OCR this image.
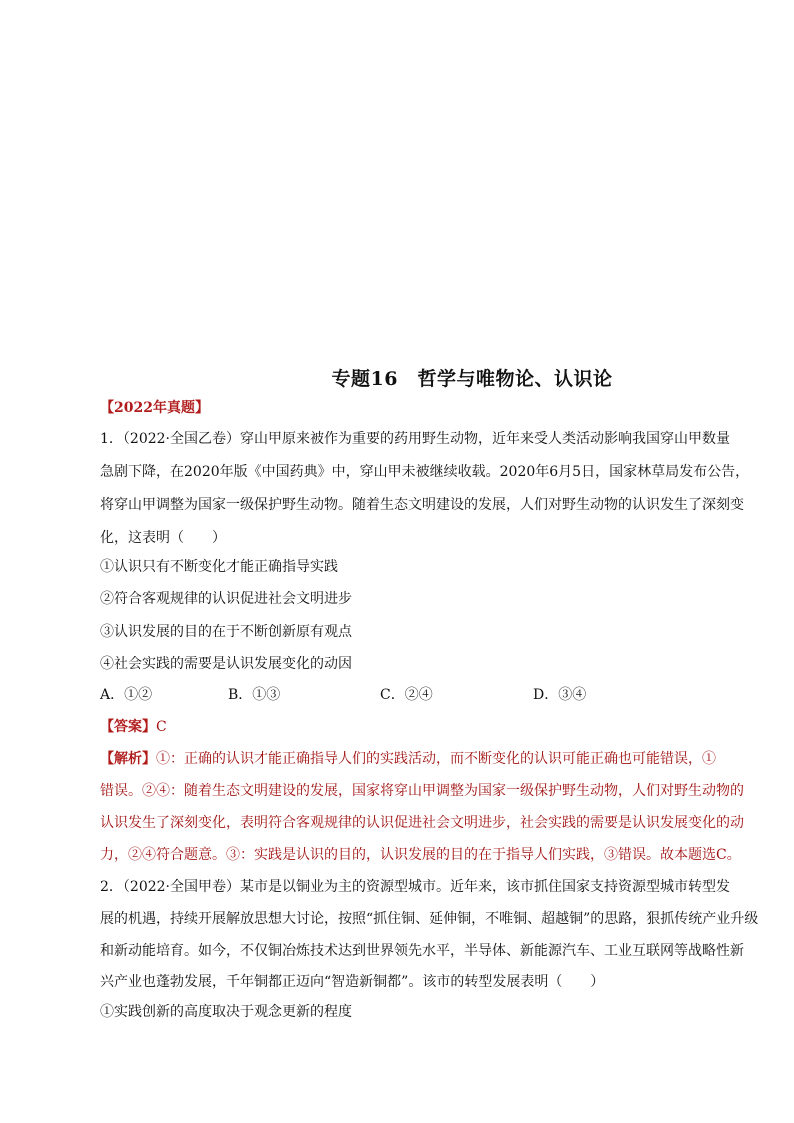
专题16　哲学与唯物论、认识论
【2022年真题】
1．（2022·全国乙卷）穿山甲原来被作为重要的药用野生动物，近年来受人类活动影响我国穿山甲数量
急剧下降，在2020年版《中国药典》中，穿山甲未被继续收载。2020年6月5日，国家林草局发布公告，
将穿山甲调整为国家一级保护野生动物。随着生态文明建设的发展，人们对野生动物的认识发生了深刻变
化，这表明（　　）
①认识只有不断变化才能正确指导实践
②符合客观规律的认识促进社会文明进步
③认识发展的目的在于不断创新原有观点
④社会实践的需要是认识发展变化的动因
A．①②	B．①③	C．②④	D．③④
【答案】C
【解析】①：正确的认识才能正确指导人们的实践活动，而不断变化的认识可能正确也可能错误，①
错误。②④：随着生态文明建设的发展，国家将穿山甲调整为国家一级保护野生动物，人们对野生动物的
认识发生了深刻变化，表明符合客观规律的认识促进社会文明进步，社会实践的需要是认识发展变化的动
力，②④符合题意。③：实践是认识的目的，认识发展的目的在于指导人们实践，③错误。故本题选C。
2．（2022·全国甲卷）某市是以铜业为主的资源型城市。近年来，该市抓住国家支持资源型城市转型发
展的机遇，持续开展解放思想大讨论，按照“抓住铜、延伸铜，不唯铜、超越铜”的思路，狠抓传统产业升级
和新动能培育。如今，不仅铜冶炼技术达到世界领先水平，半导体、新能源汽车、工业互联网等战略性新
兴产业也蓬勃发展，千年铜都正迈向“智造新铜都”。该市的转型发展表明（　　）
①实践创新的高度取决于观念更新的程度
